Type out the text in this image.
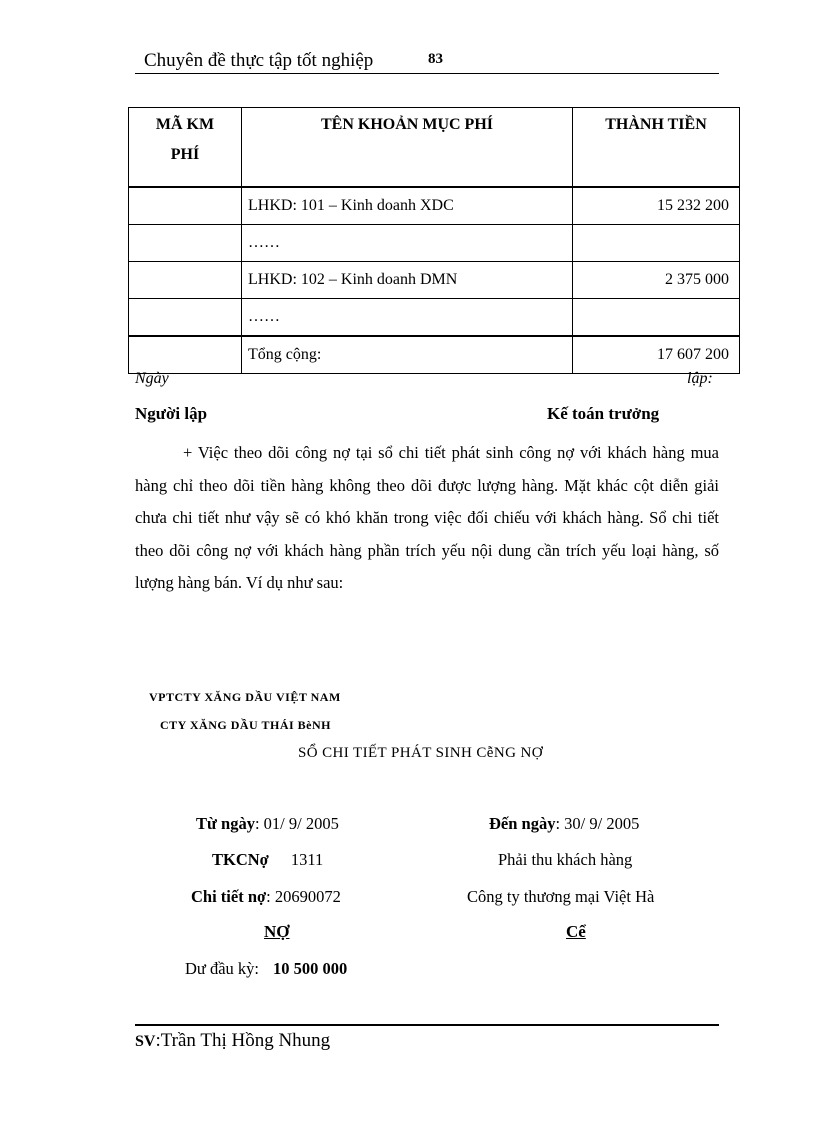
Chuyên đề thực tập tốt nghiệp	83
MÃ KM
PHÍ	TÊN KHOẢN MỤC PHÍ	THÀNH TIỀN
	LHKD: 101 – Kinh doanh XDC	15 232 200
	……	
	LHKD: 102 – Kinh doanh DMN	2 375 000
	……	
	Tổng cộng:	17 607 200
Ngày	lập:
Người lập	Kế toán trưởng
+ Việc theo dõi công nợ tại sổ chi tiết phát sinh công nợ với khách hàng mua hàng chỉ theo dõi tiền hàng không theo dõi được lượng hàng. Mặt khác cột diễn giải chưa chi tiết như vậy sẽ có khó khăn trong việc đối chiếu với khách hàng. Sổ chi tiết theo dõi công nợ với khách hàng phần trích yếu nội dung cần trích yếu loại hàng, số lượng hàng bán. Ví dụ như sau:
VPTCTY XĂNG DẦU VIỆT NAM
CTY XĂNG DẦU THÁI BèNH
SỔ CHI TIẾT PHÁT SINH CễNG NỢ
Từ ngày: 01/ 9/ 2005	Đến ngày: 30/ 9/ 2005
TKCNợ 1311	Phải thu khách hàng
Chi tiết nợ: 20690072	Công ty thương mại Việt Hà
NỢ	Cể
Dư đầu kỳ: 10 500 000
SV:Trần Thị Hồng Nhung
